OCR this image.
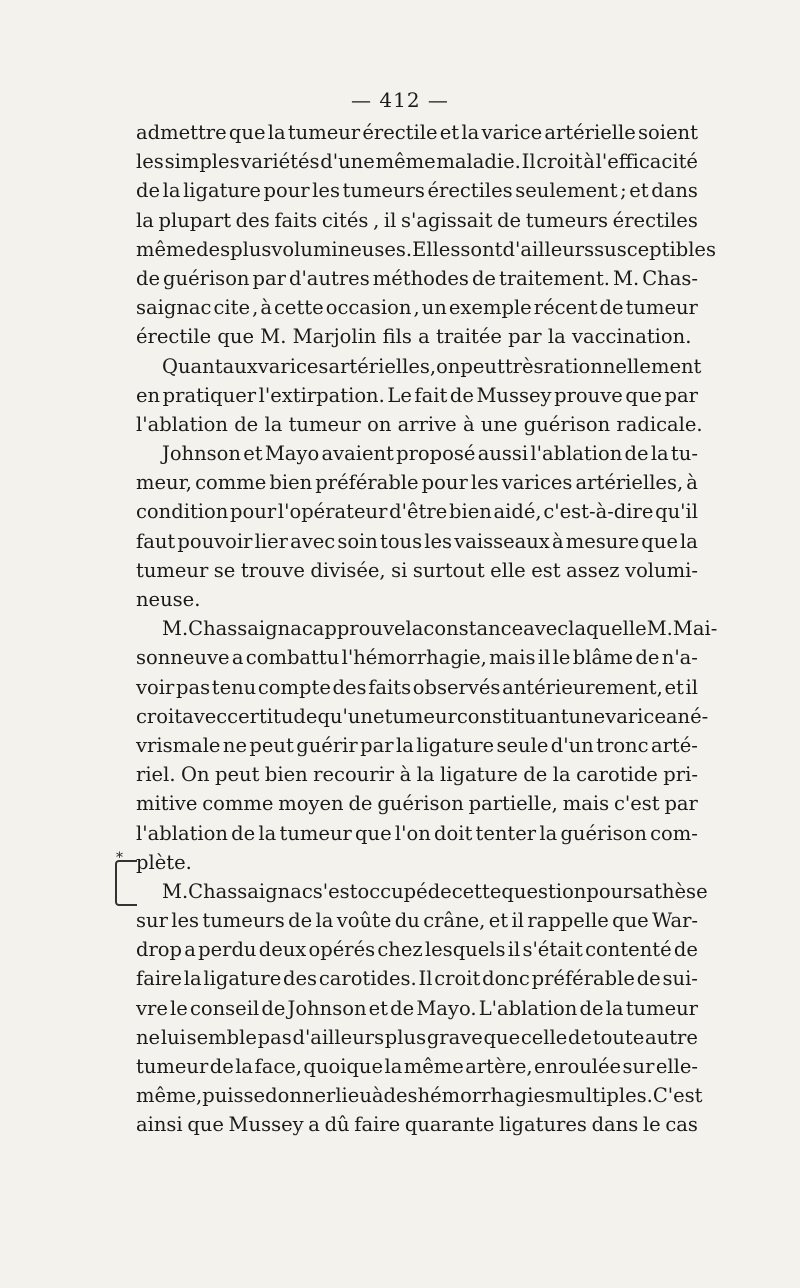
— 412 —
*
admettre que la tumeur érectile et la varice artérielle soient
les simples variétés d'une même maladie. Il croit à l'efficacité
de la ligature pour les tumeurs érectiles seulement ; et dans
la plupart des faits cités , il s'agissait de tumeurs érectiles
même des plus volumineuses. Elles sont d'ailleurs susceptibles
de guérison par d'autres méthodes de traitement. M. Chas-
saignac cite , à cette occasion , un exemple récent de tumeur
érectile que M. Marjolin fils a traitée par la vaccination.
Quant aux varices artérielles, on peut très rationnellement
en pratiquer l'extirpation. Le fait de Mussey prouve que par
l'ablation de la tumeur on arrive à une guérison radicale.
Johnson et Mayo avaient proposé aussi l'ablation de la tu-
meur, comme bien préférable pour les varices artérielles, à
condition pour l'opérateur d'être bien aidé, c'est-à-dire qu'il
faut pouvoir lier avec soin tous les vaisseaux à mesure que la
tumeur se trouve divisée, si surtout elle est assez volumi-
neuse.
M. Chassaignac approuve la constance avec laquelle M. Mai-
sonneuve a combattu l'hémorrhagie, mais il le blâme de n'a-
voir pas tenu compte des faits observés antérieurement, et il
croit avec certitude qu'une tumeur constituant une varice ané-
vrismale ne peut guérir par la ligature seule d'un tronc arté-
riel. On peut bien recourir à la ligature de la carotide pri-
mitive comme moyen de guérison partielle, mais c'est par
l'ablation de la tumeur que l'on doit tenter la guérison com-
plète.
M. Chassaignac s'est occupé de cette question pour sa thèse
sur les tumeurs de la voûte du crâne, et il rappelle que War-
drop a perdu deux opérés chez lesquels il s'était contenté de
faire la ligature des carotides. Il croit donc préférable de sui-
vre le conseil de Johnson et de Mayo. L'ablation de la tumeur
ne lui semble pas d'ailleurs plus grave que celle de toute autre
tumeur de la face, quoique la même artère, enroulée sur elle-
même, puisse donner lieu à des hémorrhagies multiples. C'est
ainsi que Mussey a dû faire quarante ligatures dans le cas
